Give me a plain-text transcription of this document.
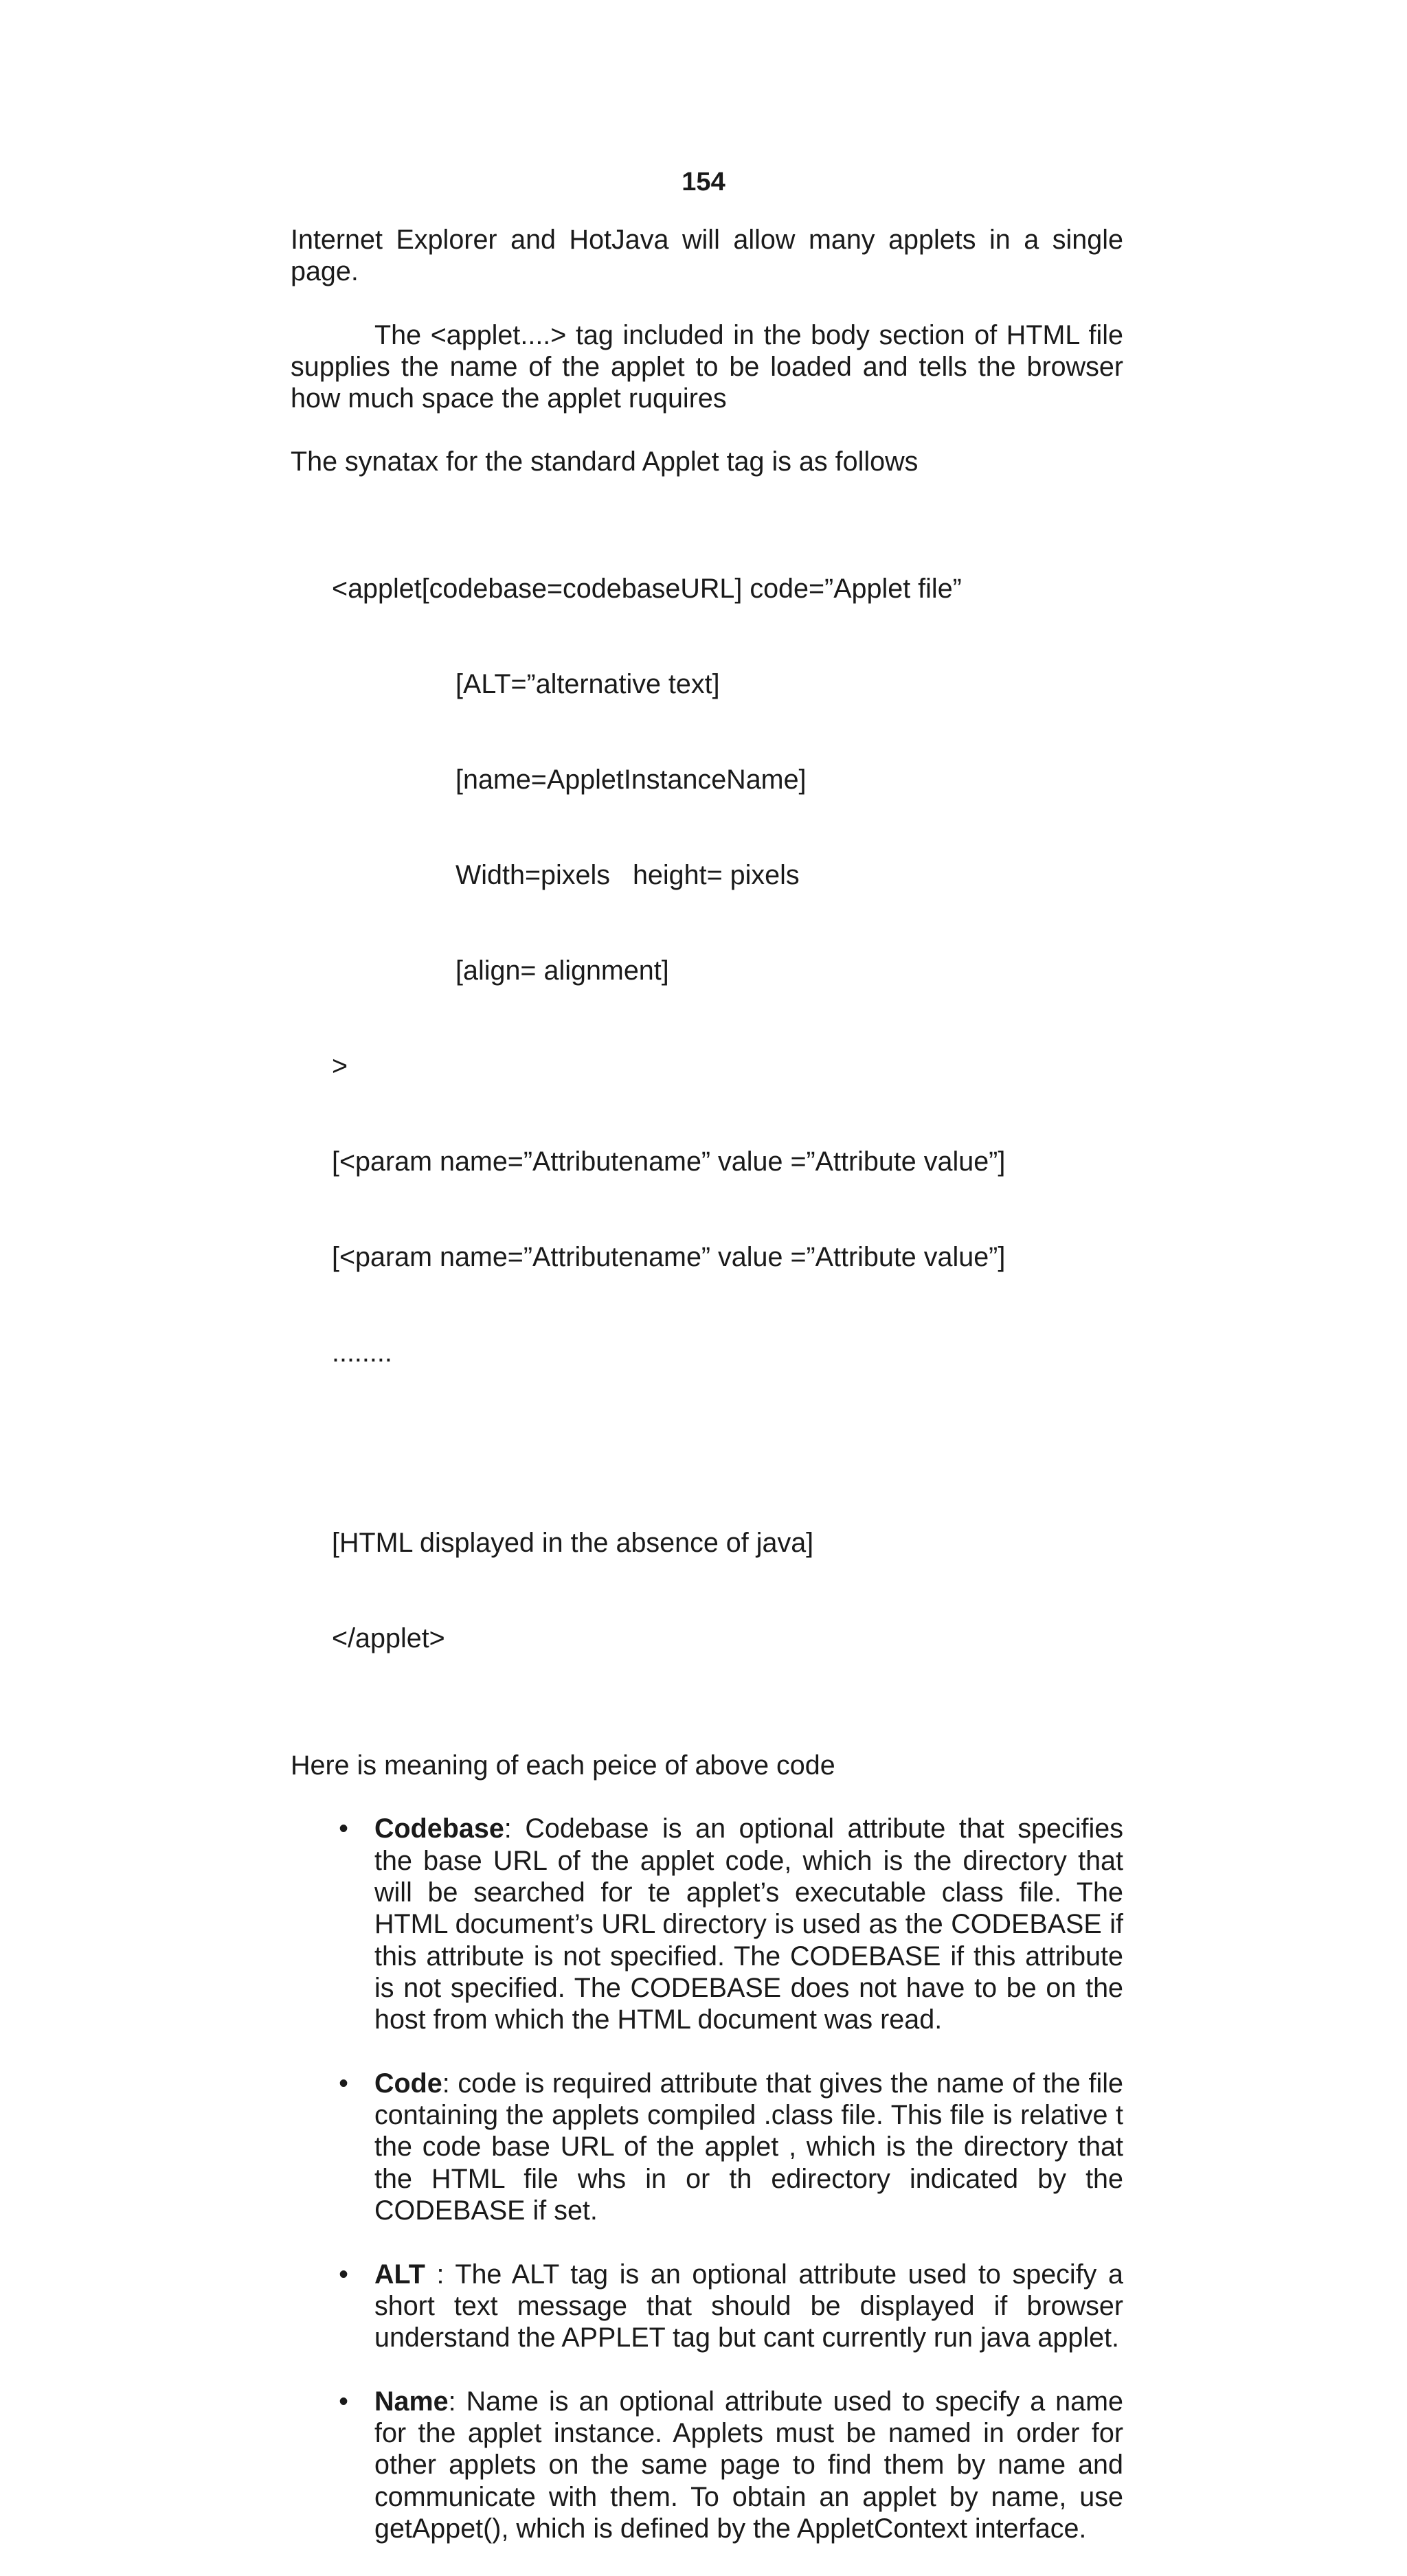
154

Internet Explorer and HotJava will allow many applets in a single page.

The <applet....> tag included in the body section of HTML file supplies the name of the applet to be loaded and tells the browser how much space the applet ruquires

The synatax for the standard Applet tag is as follows

<applet[codebase=codebaseURL] code=”Applet file”

[ALT=”alternative text]

[name=AppletInstanceName]

Width=pixels   height= pixels

[align= alignment]

>

[<param name=”Attributename” value =”Attribute value”]

[<param name=”Attributename” value =”Attribute value”]

........

[HTML displayed in the absence of java]

</applet>

Here is meaning of each peice of above code

• Codebase: Codebase is an optional attribute that specifies the base URL of the applet code, which is the directory that will be searched for te applet’s executable class file. The HTML document’s URL directory is used as the CODEBASE if this attribute is not specified. The CODEBASE if this attribute is not specified. The CODEBASE does not have to be on the host from which the HTML document was read.
• Code: code is required attribute that gives the name of the file containing the applets compiled .class file. This file is relative t the code base URL of the applet , which is the directory that the HTML file whs in or th edirectory indicated by the CODEBASE if set.
• ALT : The ALT tag is an optional attribute used to specify a short text message that should be displayed if browser understand the APPLET tag but cant currently run java applet.
• Name: Name is an optional attribute used to specify a name for the applet instance. Applets must be named in order for other applets on the same page to find them by name and communicate with them. To obtain an applet by name, use getAppet(), which is defined by the AppletContext interface.
